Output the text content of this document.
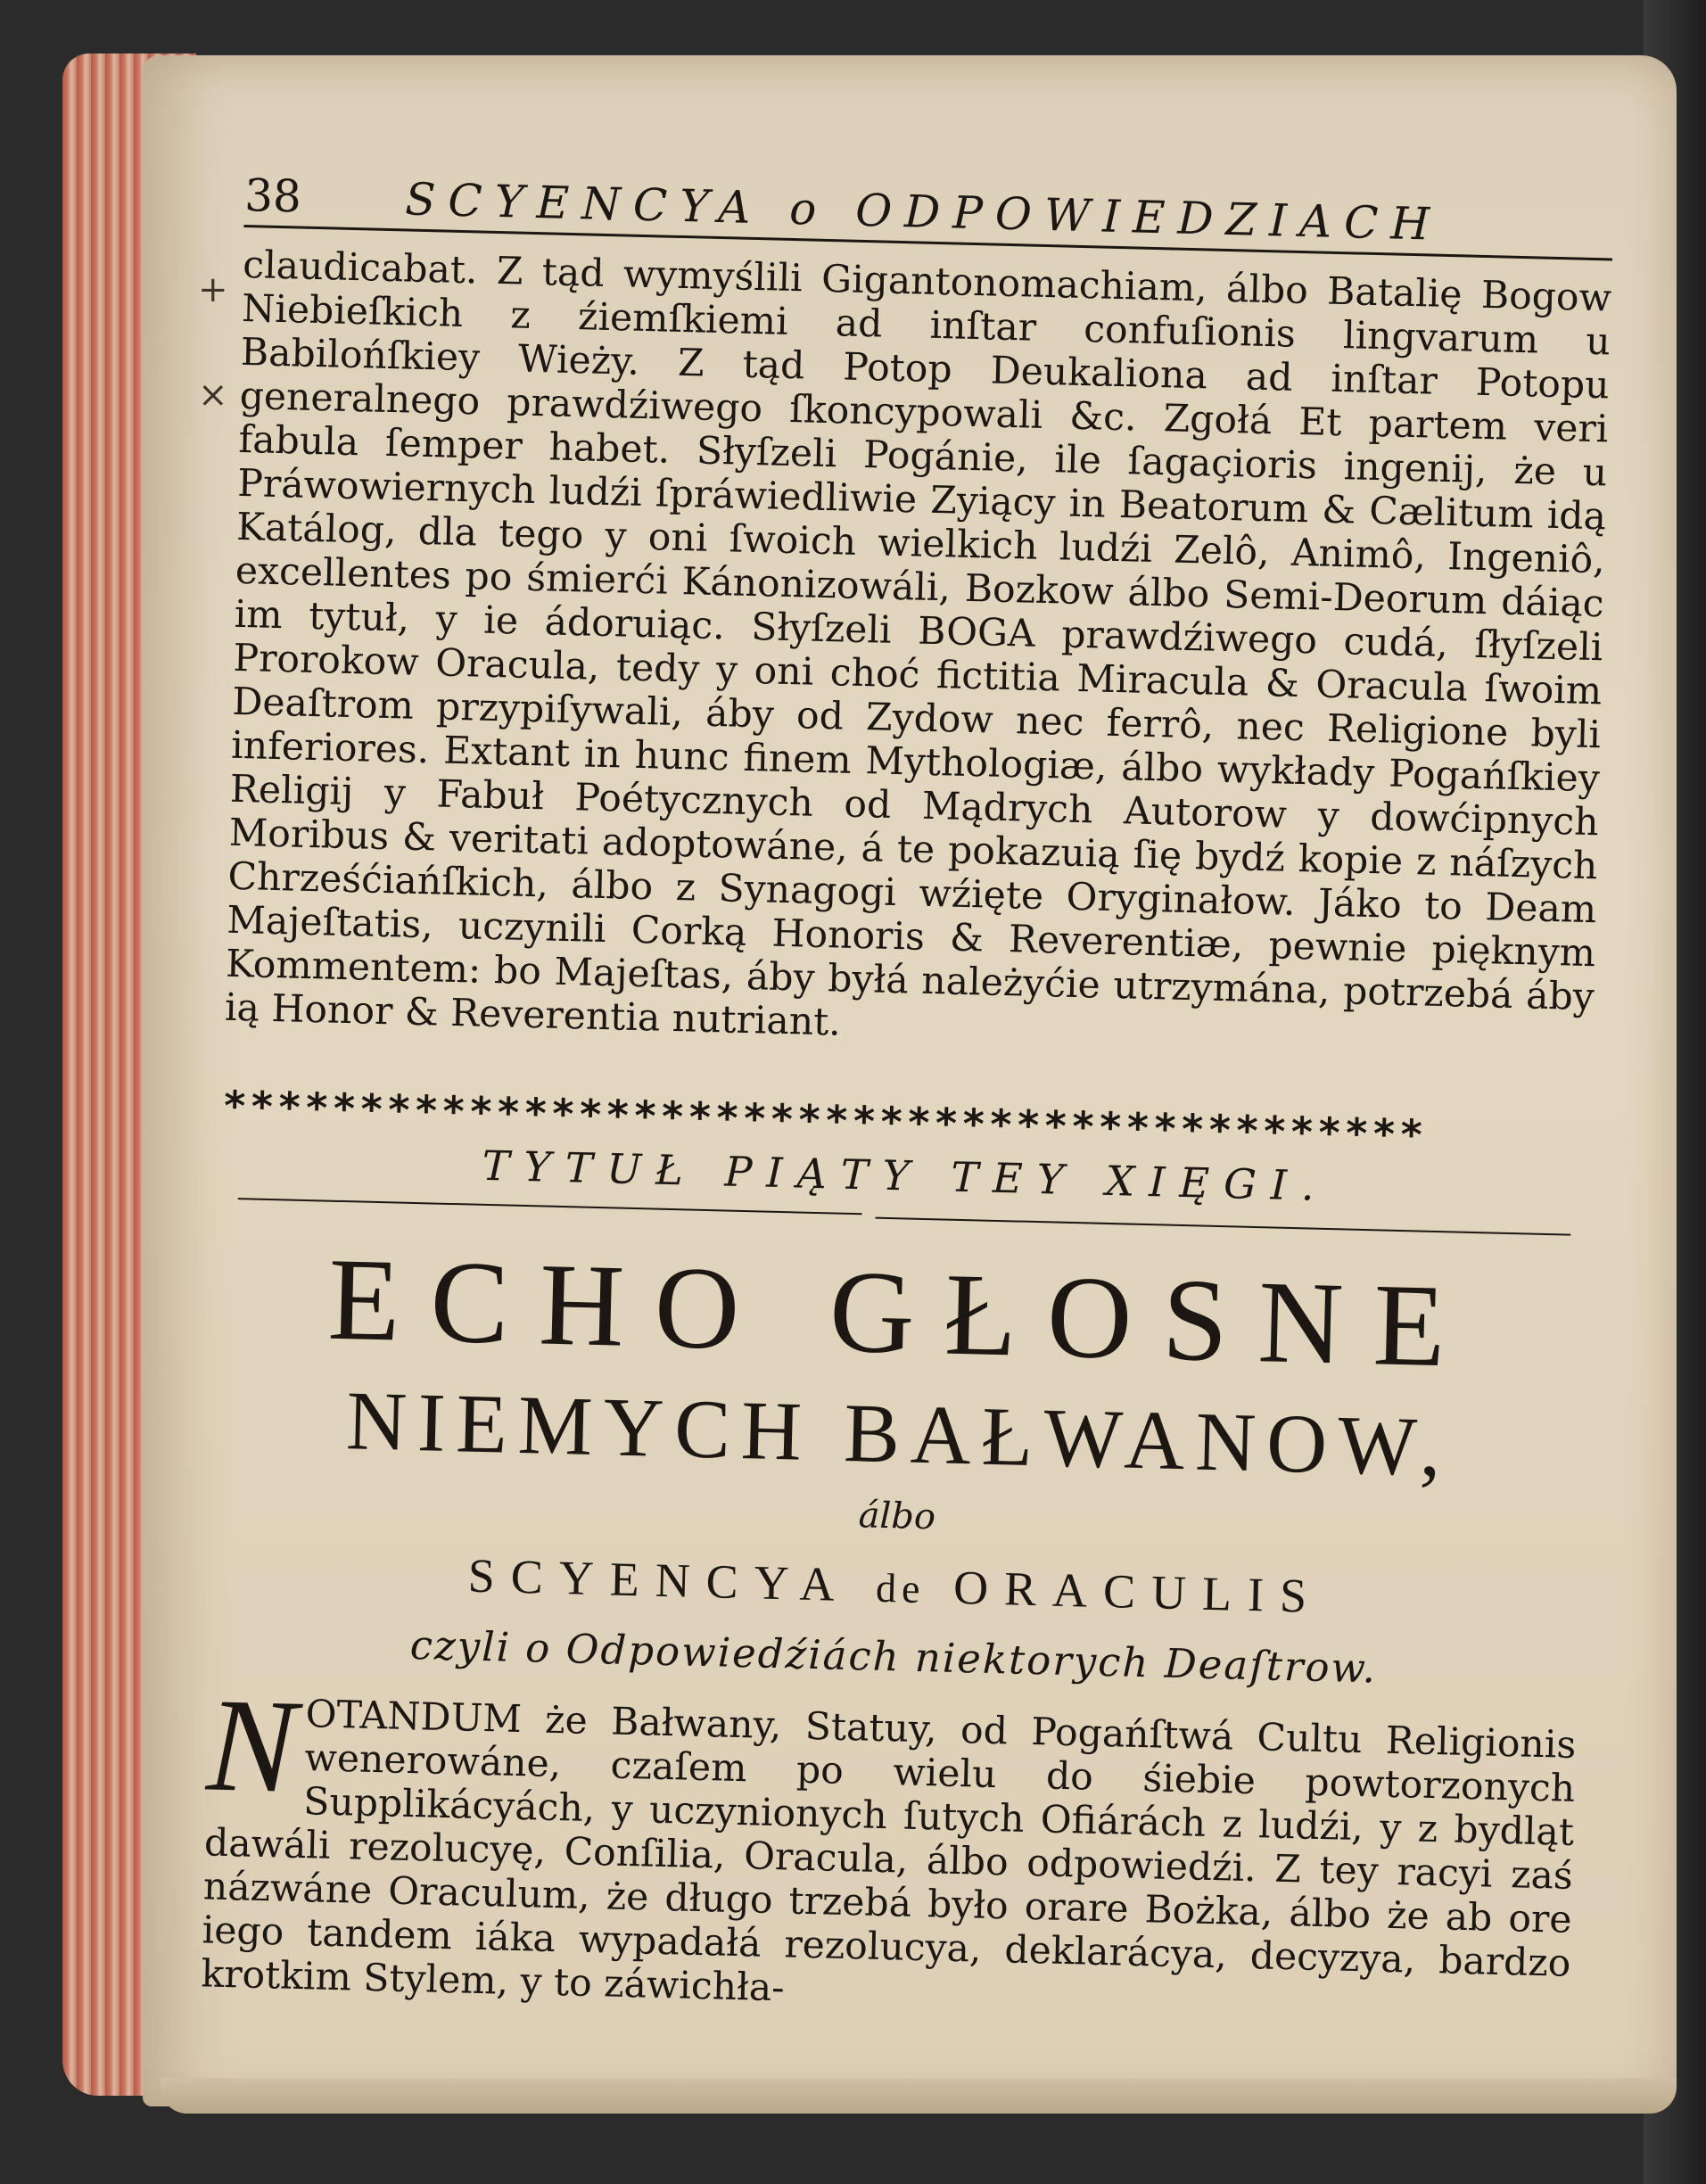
+
×
38 SCYENCYA o ODPOWIEDZIACH
claudicabat. Z tąd wymyślili Gigantonomachiam, álbo Batalię Bogow Niebieſkich z źiemſkiemi ad inſtar confuſionis lingvarum u Babilońſkiey Wieży. Z tąd Potop Deukaliona ad inſtar Potopu generalnego prawdźiwego ſkoncypowali &c. Zgołá Et partem veri fabula ſemper habet. Słyſzeli Pogánie, ile ſagaçioris ingenij, że u Práwowiernych ludźi ſpráwiedliwie Zyiący in Beatorum & Cælitum idą Katálog, dla tego y oni ſwoich wielkich ludźi Zelô, Animô, Ingeniô, excellentes po śmierći Kánonizowáli, Bozkow álbo Semi-Deorum dáiąc im tytuł, y ie ádoruiąc. Słyſzeli BOGA prawdźiwego cudá, ſłyſzeli Prorokow Oracula, tedy y oni choć fictitia Miracula & Oracula ſwoim Deaſtrom przypiſywali, áby od Zydow nec ferrô, nec Religione byli inferiores. Extant in hunc finem Mythologiæ, álbo wykłady Pogańſkiey Religij y Fabuł Poétycznych od Mądrych Autorow y dowćipnych Moribus & veritati adoptowáne, á te pokazuią ſię bydź kopie z náſzych Chrześćiańſkich, álbo z Synagogi wźięte Oryginałow. Jáko to Deam Majeſtatis, uczynili Corką Honoris & Reverentiæ, pewnie pięknym Kommentem: bo Majeſtas, áby byłá należyćie utrzymána, potrzebá áby ią Honor & Reverentia nutriant.
********************************************
TYTUŁ PIĄTY TEY XIĘGI.
ECHO GŁOSNE
NIEMYCH BAŁWANOW,
álbo
SCYENCYA de ORACULIS
czyli o Odpowiedźiách niektorych Deaſtrow.
N OTANDUM że Bałwany, Statuy, od Pogańſtwá Cultu Religionis wenerowáne, czaſem po wielu do śiebie powtorzonych Supplikácyách, y uczynionych ſutych Ofiárách z ludźi, y z bydląt dawáli rezolucyę, Conſilia, Oracula, álbo odpowiedźi. Z tey racyi zaś názwáne Oraculum, że długo trzebá było orare Bożka, álbo że ab ore iego tandem iáka wypadałá rezolucya, deklarácya, decyzya, bardzo krotkim Stylem, y to záwichła-
